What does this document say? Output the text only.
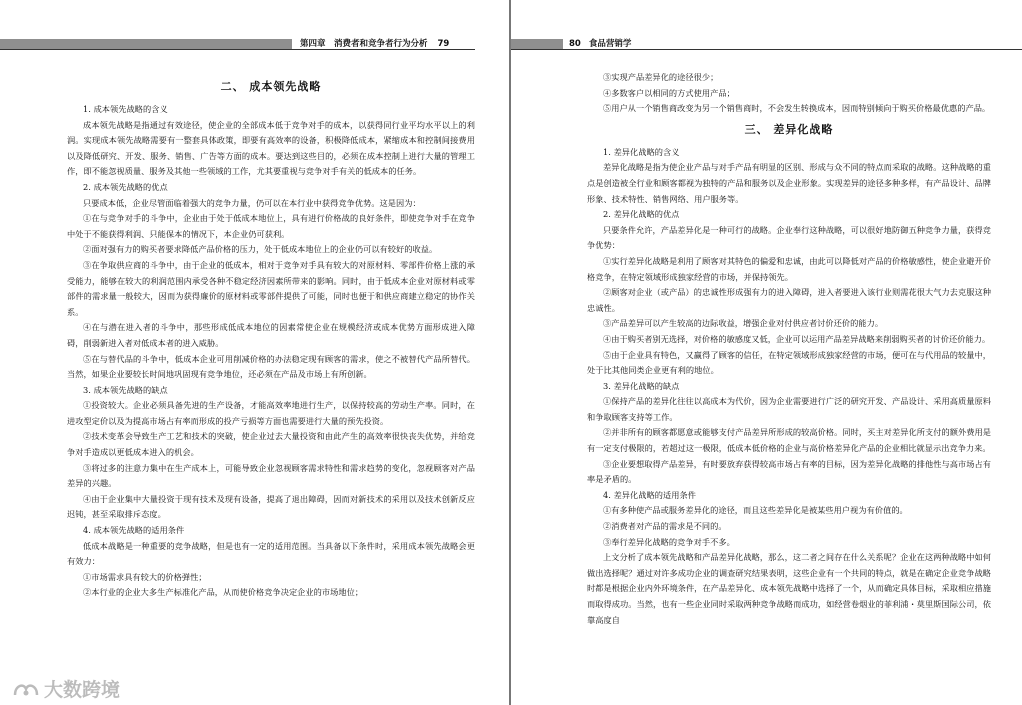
第四章　消费者和竞争者行为分析 79
二、 成本领先战略

1. 成本领先战略的含义

成本领先战略是指通过有效途径，使企业的全部成本低于竞争对手的成本，以获得同行业平均水平以上的利润。实现成本领先战略需要有一整套具体政策，即要有高效率的设备，积极降低成本，紧缩成本和控制间接费用以及降低研究、开发、服务、销售、广告等方面的成本。要达到这些目的，必须在成本控制上进行大量的管理工作，即不能忽视质量、服务及其他一些领域的工作，尤其要重视与竞争对手有关的低成本的任务。

2. 成本领先战略的优点

只要成本低，企业尽管面临着强大的竞争力量，仍可以在本行业中获得竞争优势。这是因为：

①在与竞争对手的斗争中，企业由于处于低成本地位上，具有进行价格战的良好条件，即使竞争对手在竞争中处于不能获得利润、只能保本的情况下，本企业仍可获利。

②面对强有力的购买者要求降低产品价格的压力，处于低成本地位上的企业仍可以有较好的收益。

③在争取供应商的斗争中，由于企业的低成本，相对于竞争对手具有较大的对原材料、零部件价格上涨的承受能力，能够在较大的利润范围内承受各种不稳定经济因素所带来的影响。同时，由于低成本企业对原材料或零部件的需求量一般较大，因而为获得廉价的原材料或零部件提供了可能，同时也便于和供应商建立稳定的协作关系。

④在与潜在进入者的斗争中，那些形成低成本地位的因素常使企业在规模经济或成本优势方面形成进入障碍，削弱新进入者对低成本者的进入威胁。

⑤在与替代品的斗争中，低成本企业可用削减价格的办法稳定现有顾客的需求，使之不被替代产品所替代。当然，如果企业要较长时间地巩固现有竞争地位，还必须在产品及市场上有所创新。

3. 成本领先战略的缺点

①投资较大。企业必须具备先进的生产设备，才能高效率地进行生产，以保持较高的劳动生产率。同时，在进攻型定价以及为提高市场占有率而形成的投产亏损等方面也需要进行大量的预先投资。

②技术变革会导致生产工艺和技术的突破，使企业过去大量投资和由此产生的高效率很快丧失优势，并给竞争对手造成以更低成本进入的机会。

③将过多的注意力集中在生产成本上，可能导致企业忽视顾客需求特性和需求趋势的变化，忽视顾客对产品差异的兴趣。

④由于企业集中大量投资于现有技术及现有设备，提高了退出障碍，因而对新技术的采用以及技术创新反应迟钝，甚至采取排斥态度。

4. 成本领先战略的适用条件

低成本战略是一种重要的竞争战略，但是也有一定的适用范围。当具备以下条件时，采用成本领先战略会更有效力：

①市场需求具有较大的价格弹性；

②本行业的企业大多生产标准化产品，从而使价格竞争决定企业的市场地位；

80 食品营销学

③实现产品差异化的途径很少；

④多数客户以相同的方式使用产品；

⑤用户从一个销售商改变为另一个销售商时，不会发生转换成本，因而特别倾向于购买价格最优惠的产品。

三、 差异化战略

1. 差异化战略的含义

差异化战略是指为使企业产品与对手产品有明显的区别、形成与众不同的特点而采取的战略。这种战略的重点是创造被全行业和顾客都视为独特的产品和服务以及企业形象。实现差异的途径多种多样，有产品设计、品牌形象、技术特性、销售网络、用户服务等。

2. 差异化战略的优点

只要条件允许，产品差异化是一种可行的战略。企业奉行这种战略，可以很好地防御五种竞争力量，获得竞争优势：

①实行差异化战略是利用了顾客对其特色的偏爱和忠诚，由此可以降低对产品的价格敏感性，使企业避开价格竞争，在特定领域形成独家经营的市场，并保持领先。

②顾客对企业（或产品）的忠诚性形成强有力的进入障碍，进入者要进入该行业则需花很大气力去克服这种忠诚性。

③产品差异可以产生较高的边际收益，增强企业对付供应者讨价还价的能力。

④由于购买者别无选择，对价格的敏感度又低，企业可以运用产品差异战略来削弱购买者的讨价还价能力。

⑤由于企业具有特色，又赢得了顾客的信任，在特定领域形成独家经营的市场，便可在与代用品的较量中，处于比其他同类企业更有利的地位。

3. 差异化战略的缺点

①保持产品的差异化往往以高成本为代价，因为企业需要进行广泛的研究开发、产品设计、采用高质量原料和争取顾客支持等工作。

②并非所有的顾客都愿意或能够支付产品差异所形成的较高价格。同时，买主对差异化所支付的额外费用是有一定支付极限的，若超过这一极限，低成本低价格的企业与高价格差异化产品的企业相比就显示出竞争力来。

③企业要想取得产品差异，有时要放弃获得较高市场占有率的目标，因为差异化战略的排他性与高市场占有率是矛盾的。

4. 差异化战略的适用条件

①有多种使产品或服务差异化的途径，而且这些差异化是被某些用户视为有价值的。

②消费者对产品的需求是不同的。

③奉行差异化战略的竞争对手不多。

上文分析了成本领先战略和产品差异化战略，那么，这二者之间存在什么关系呢？企业在这两种战略中如何做出选择呢？通过对许多成功企业的调查研究结果表明，这些企业有一个共同的特点，就是在确定企业竞争战略时都是根据企业内外环境条件，在产品差异化、成本领先战略中选择了一个，从而确定具体目标，采取相应措施而取得成功。当然，也有一些企业同时采取两种竞争战略而成功，如经营卷烟业的菲利浦・莫里斯国际公司，依靠高度自

大数跨境
